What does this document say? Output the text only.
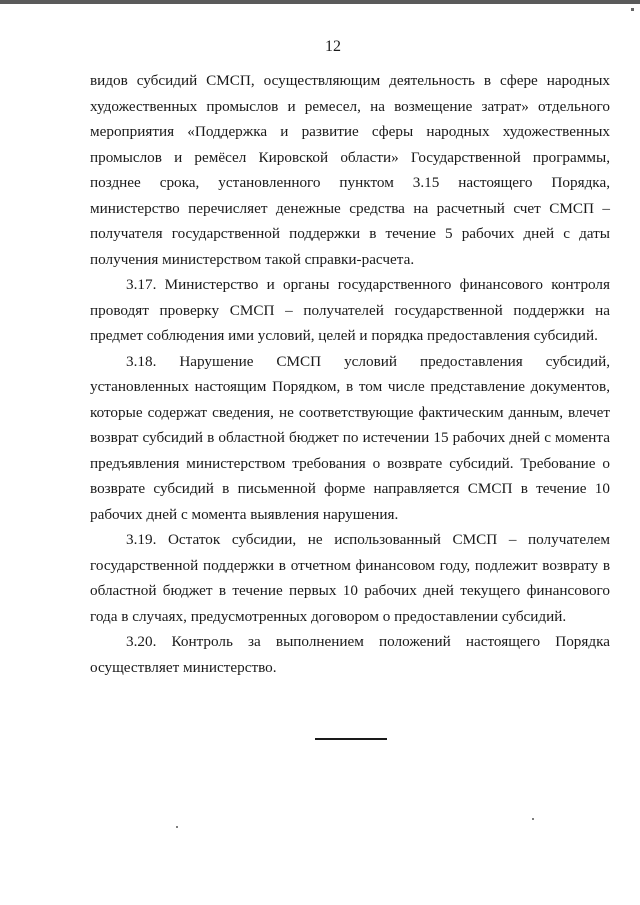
12

видов субсидий СМСП, осуществляющим деятельность в сфере народных художественных промыслов и ремесел, на возмещение затрат» отдельного мероприятия «Поддержка и развитие сферы народных художественных промыслов и ремёсел Кировской области» Государственной программы, позднее срока, установленного пунктом 3.15 настоящего Порядка, министерство перечисляет денежные средства на расчетный счет СМСП – получателя государственной поддержки в течение 5 рабочих дней с даты получения министерством такой справки-расчета.

3.17. Министерство и органы государственного финансового контроля проводят проверку СМСП – получателей государственной поддержки на предмет соблюдения ими условий, целей и порядка предоставления субсидий.

3.18. Нарушение СМСП условий предоставления субсидий, установленных настоящим Порядком, в том числе представление документов, которые содержат сведения, не соответствующие фактическим данным, влечет возврат субсидий в областной бюджет по истечении 15 рабочих дней с момента предъявления министерством требования о возврате субсидий. Требование о возврате субсидий в письменной форме направляется СМСП в течение 10 рабочих дней с момента выявления нарушения.

3.19. Остаток субсидии, не использованный СМСП – получателем государственной поддержки в отчетном финансовом году, подлежит возврату в областной бюджет в течение первых 10 рабочих дней текущего финансового года в случаях, предусмотренных договором о предоставлении субсидий.

3.20. Контроль за выполнением положений настоящего Порядка осуществляет министерство.
